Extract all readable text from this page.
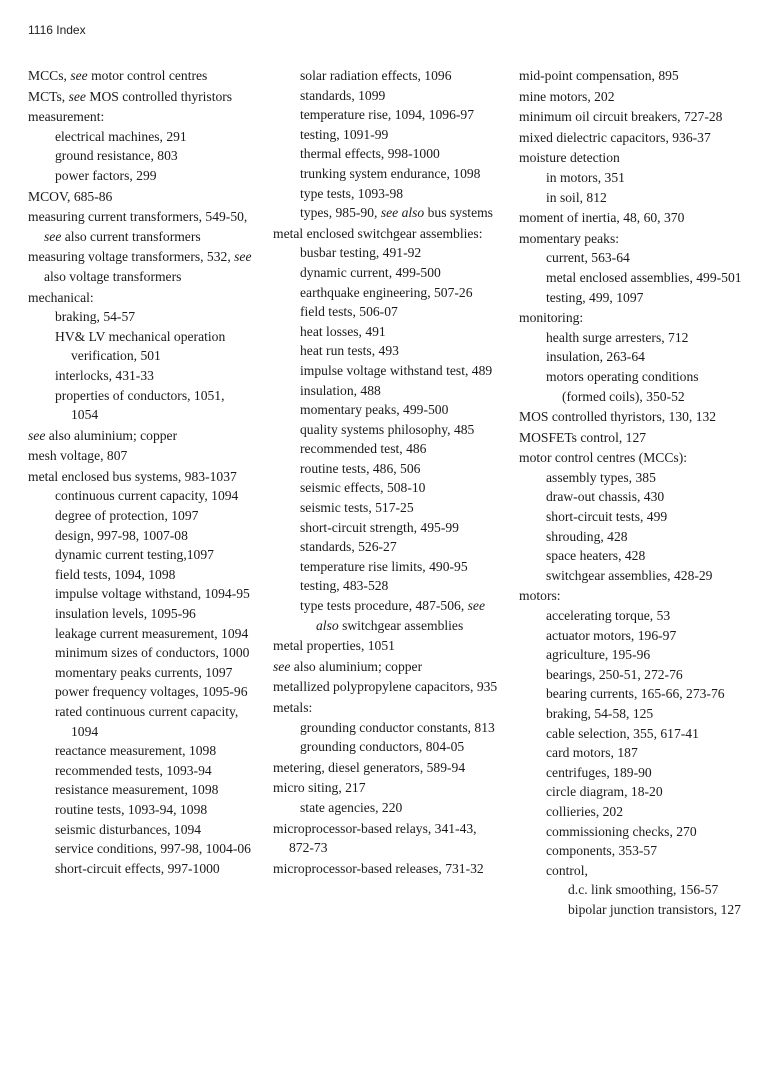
1116 Index
MCCs, see motor control centres
MCTs, see MOS controlled thyristors
measurement:
electrical machines, 291
ground resistance, 803
power factors, 299
MCOV, 685-86
measuring current transformers, 549-50, see also current transformers
measuring voltage transformers, 532, see also voltage transformers
mechanical:
braking, 54-57
HV& LV mechanical operation verification, 501
interlocks, 431-33
properties of conductors, 1051, 1054
see also aluminium; copper
mesh voltage, 807
metal enclosed bus systems, 983-1037
continuous current capacity, 1094
degree of protection, 1097
design, 997-98, 1007-08
dynamic current testing,1097
field tests, 1094, 1098
impulse voltage withstand, 1094-95
insulation levels, 1095-96
leakage current measurement, 1094
minimum sizes of conductors, 1000
momentary peaks currents, 1097
power frequency voltages, 1095-96
rated continuous current capacity, 1094
reactance measurement, 1098
recommended tests, 1093-94
resistance measurement, 1098
routine tests, 1093-94, 1098
seismic disturbances, 1094
service conditions, 997-98, 1004-06
short-circuit effects, 997-1000
solar radiation effects, 1096
standards, 1099
temperature rise, 1094, 1096-97
testing, 1091-99
thermal effects, 998-1000
trunking system endurance, 1098
type tests, 1093-98
types, 985-90, see also bus systems
metal enclosed switchgear assemblies:
busbar testing, 491-92
dynamic current, 499-500
earthquake engineering, 507-26
field tests, 506-07
heat losses, 491
heat run tests, 493
impulse voltage withstand test, 489
insulation, 488
momentary peaks, 499-500
quality systems philosophy, 485
recommended test, 486
routine tests, 486, 506
seismic effects, 508-10
seismic tests, 517-25
short-circuit strength, 495-99
standards, 526-27
temperature rise limits, 490-95
testing, 483-528
type tests procedure, 487-506, see also switchgear assemblies
metal properties, 1051
see also aluminium; copper
metallized polypropylene capacitors, 935
metals:
grounding conductor constants, 813
grounding conductors, 804-05
metering, diesel generators, 589-94
micro siting, 217
state agencies, 220
microprocessor-based relays, 341-43, 872-73
microprocessor-based releases, 731-32
mid-point compensation, 895
mine motors, 202
minimum oil circuit breakers, 727-28
mixed dielectric capacitors, 936-37
moisture detection
in motors, 351
in soil, 812
moment of inertia, 48, 60, 370
momentary peaks:
current, 563-64
metal enclosed assemblies, 499-501
testing, 499, 1097
monitoring:
health surge arresters, 712
insulation, 263-64
motors operating conditions (formed coils), 350-52
MOS controlled thyristors, 130, 132
MOSFETs control, 127
motor control centres (MCCs):
assembly types, 385
draw-out chassis, 430
short-circuit tests, 499
shrouding, 428
space heaters, 428
switchgear assemblies, 428-29
motors:
accelerating torque, 53
actuator motors, 196-97
agriculture, 195-96
bearings, 250-51, 272-76
bearing currents, 165-66, 273-76
braking, 54-58, 125
cable selection, 355, 617-41
card motors, 187
centrifuges, 189-90
circle diagram, 18-20
collieries, 202
commissioning checks, 270
components, 353-57
control,
d.c. link smoothing, 156-57
bipolar junction transistors, 127
